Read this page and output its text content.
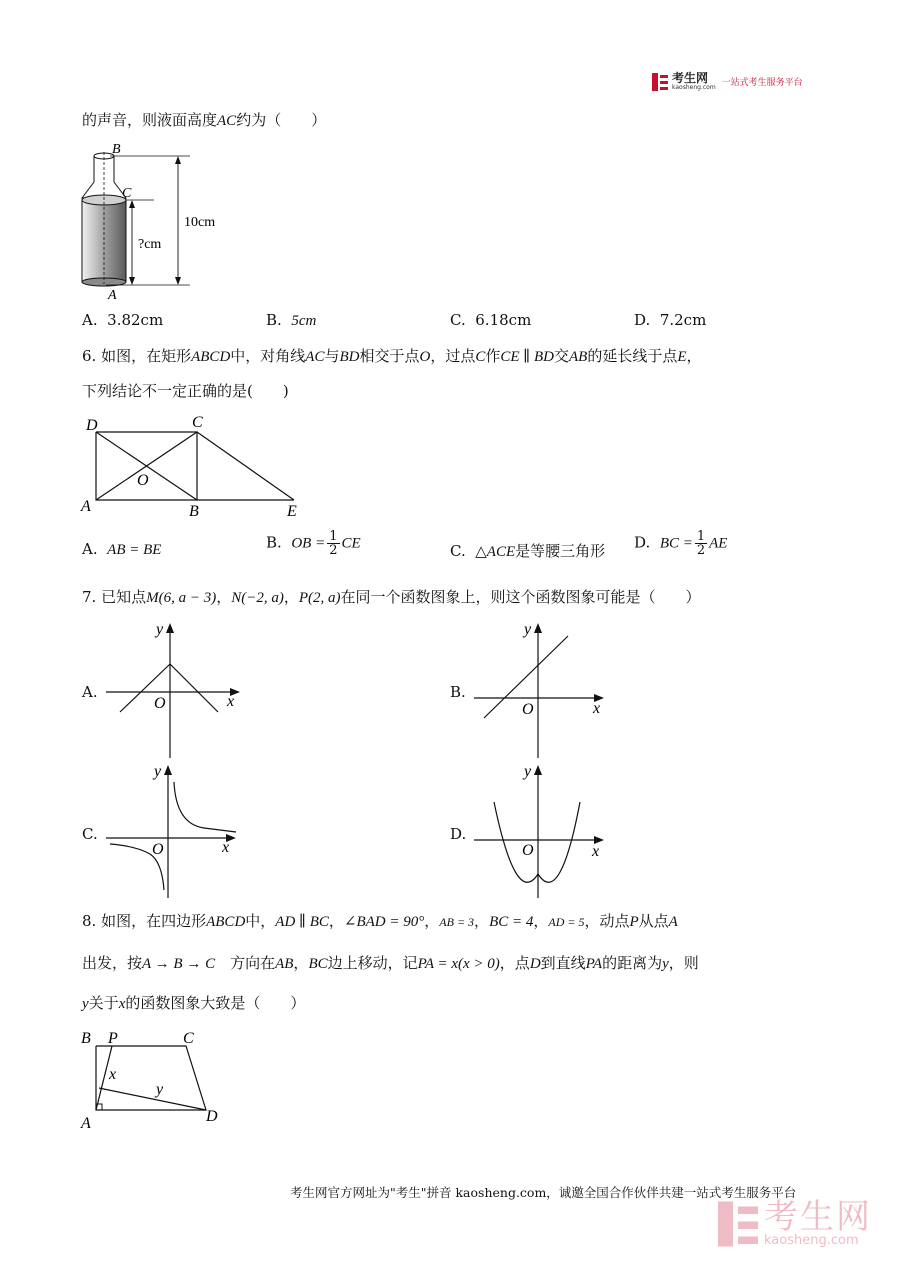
考生网
kaosheng.com 一站式考生服务平台
的声音，则液面高度AC约为（　　）
B
C
A
10cm
?cm
A. 3.82cm	B. 5cm	C. 6.18cm	D. 7.2cm
6. 如图，在矩形ABCD中，对角线AC与BD相交于点O，过点C作CE ∥ BD交AB的延长线于点E，
下列结论不一定正确的是(　　)
D	C
O
A	B	E
A. AB = BE	B. OB = $\frac{1}{2}$ CE	C. △ACE是等腰三角形 D. BC = $\frac{1}{2}$ AE
7. 已知点M(6, a − 3)，N(−2, a)，P(2, a)在同一个函数图象上，则这个函数图象可能是（　　）
A.
x
y
O
B.
x
y
O
C.
x
y
O
D.
x
y
O
8. 如图，在四边形ABCD中，AD ∥ BC，∠BAD = 90°，AB = 3，BC = 4，AD = 5，动点P从点A
出发，按A → B → C　方向在AB，BC边上移动，记PA = x(x > 0)，点D到直线PA的距离为y，则
y关于x的函数图象大致是（　　）
B P	C
x
y
A	D
考生网官方网址为"考生"拼音 kaosheng.com，诚邀全国合作伙伴共建一站式考生服务平台
考生网
kaosheng.com
